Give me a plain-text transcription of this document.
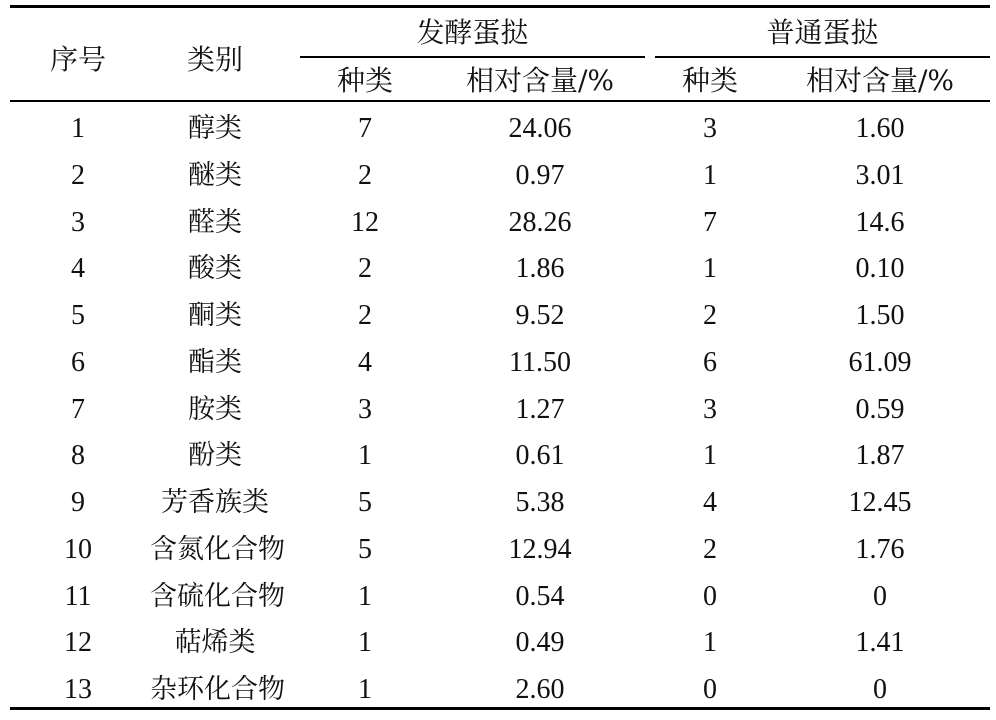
序号	类别
发酵蛋挞	普通蛋挞
种类	相对含量/%	种类	相对含量/%
1	醇类	7	24.06	3	1.60
2	醚类	2	0.97	1	3.01
3	醛类	12	28.26	7	14.6
4	酸类	2	1.86	1	0.10
5	酮类	2	9.52	2	1.50
6	酯类	4	11.50	6	61.09
7	胺类	3	1.27	3	0.59
8	酚类	1	0.61	1	1.87
9	芳香族类	5	5.38	4	12.45
10	含氮化合物	5	12.94	2	1.76
11	含硫化合物	1	0.54	0	0
12	萜烯类	1	0.49	1	1.41
13	杂环化合物	1	2.60	0	0
